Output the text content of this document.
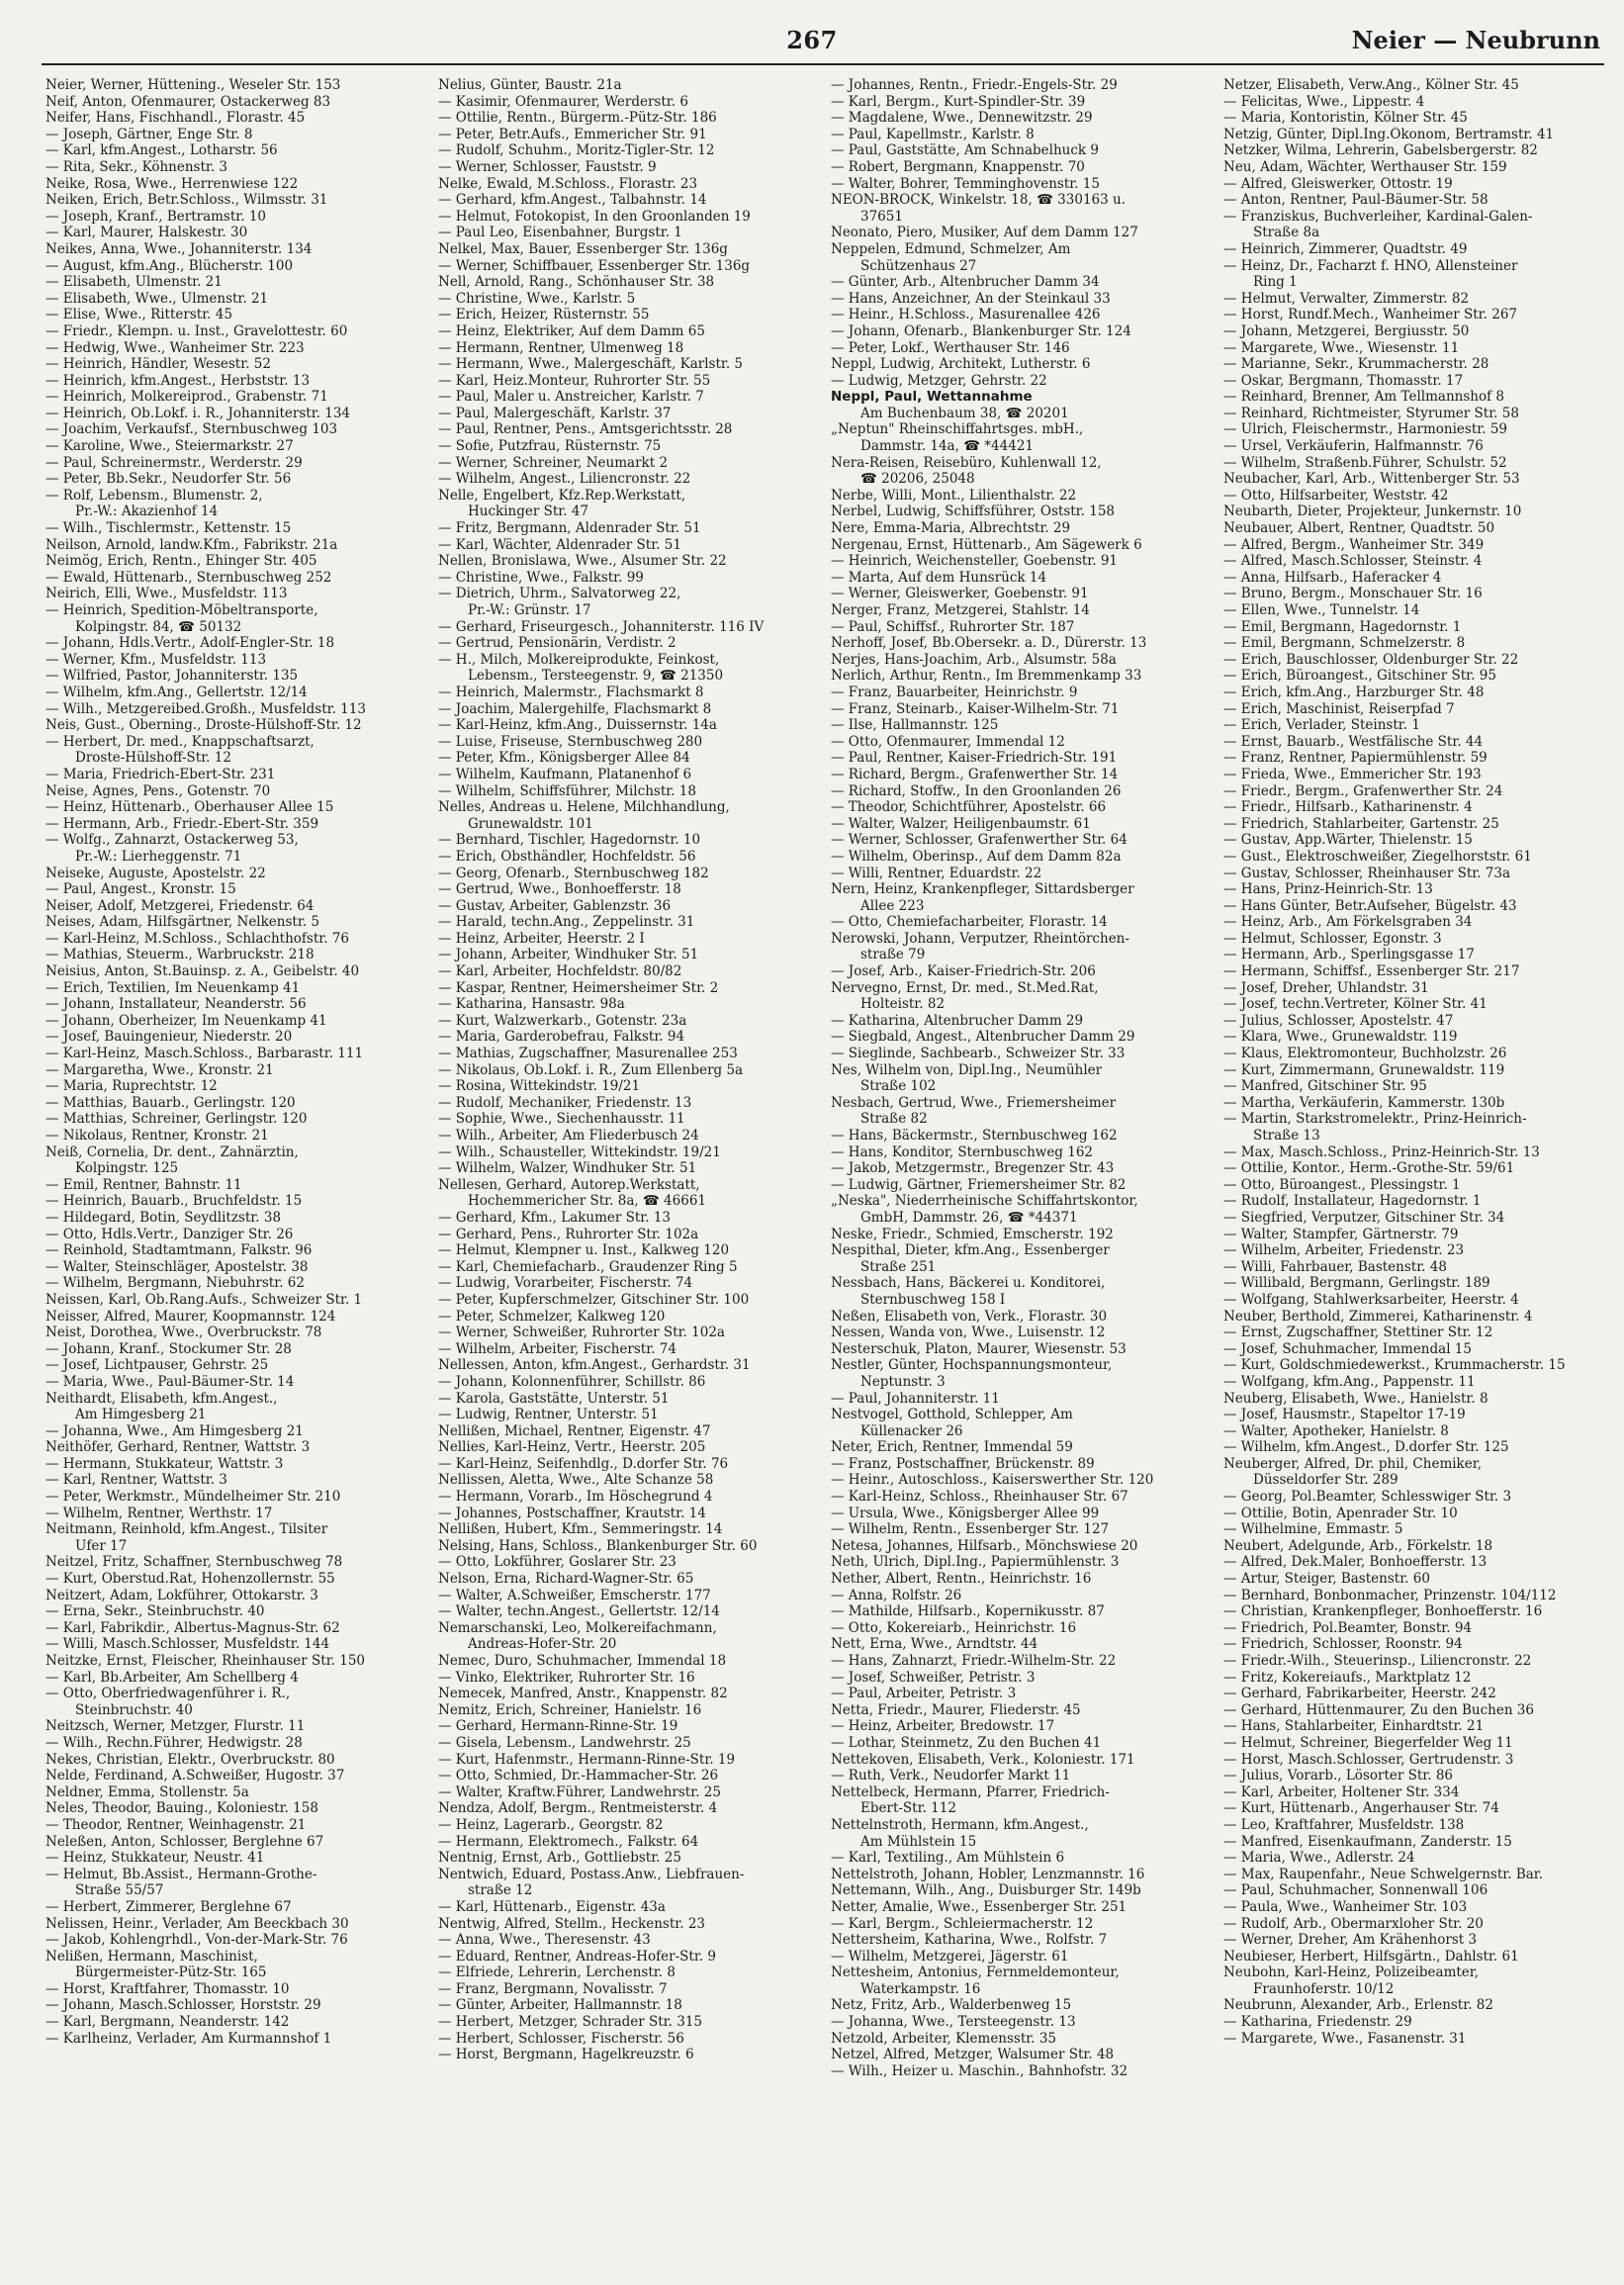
267	Neier — Neubrunn
Neier, Werner, Hüttening., Weseler Str. 153
Neif, Anton, Ofenmaurer, Ostackerweg 83
Neifer, Hans, Fischhandl., Florastr. 45
— Joseph, Gärtner, Enge Str. 8
— Karl, kfm.Angest., Lotharstr. 56
— Rita, Sekr., Köhnenstr. 3
Neike, Rosa, Wwe., Herrenwiese 122
Neiken, Erich, Betr.Schloss., Wilmsstr. 31
— Joseph, Kranf., Bertramstr. 10
— Karl, Maurer, Halskestr. 30
Neikes, Anna, Wwe., Johanniterstr. 134
— August, kfm.Ang., Blücherstr. 100
— Elisabeth, Ulmenstr. 21
— Elisabeth, Wwe., Ulmenstr. 21
— Elise, Wwe., Ritterstr. 45
— Friedr., Klempn. u. Inst., Gravelottestr. 60
— Hedwig, Wwe., Wanheimer Str. 223
— Heinrich, Händler, Wesestr. 52
— Heinrich, kfm.Angest., Herbststr. 13
— Heinrich, Molkereiprod., Grabenstr. 71
— Heinrich, Ob.Lokf. i. R., Johanniterstr. 134
— Joachim, Verkaufsf., Sternbuschweg 103
— Karoline, Wwe., Steiermarkstr. 27
— Paul, Schreinermstr., Werderstr. 29
— Peter, Bb.Sekr., Neudorfer Str. 56
— Rolf, Lebensm., Blumenstr. 2,
Pr.-W.: Akazienhof 14
— Wilh., Tischlermstr., Kettenstr. 15
Neilson, Arnold, landw.Kfm., Fabrikstr. 21a
Neimög, Erich, Rentn., Ehinger Str. 405
— Ewald, Hüttenarb., Sternbuschweg 252
Neirich, Elli, Wwe., Musfeldstr. 113
— Heinrich, Spedition-Möbeltransporte,
Kolpingstr. 84, ☎ 50132
— Johann, Hdls.Vertr., Adolf-Engler-Str. 18
— Werner, Kfm., Musfeldstr. 113
— Wilfried, Pastor, Johanniterstr. 135
— Wilhelm, kfm.Ang., Gellertstr. 12/14
— Wilh., Metzgereibed.Großh., Musfeldstr. 113
Neis, Gust., Oberning., Droste-Hülshoff-Str. 12
— Herbert, Dr. med., Knappschaftsarzt,
Droste-Hülshoff-Str. 12
— Maria, Friedrich-Ebert-Str. 231
Neise, Agnes, Pens., Gotenstr. 70
— Heinz, Hüttenarb., Oberhauser Allee 15
— Hermann, Arb., Friedr.-Ebert-Str. 359
— Wolfg., Zahnarzt, Ostackerweg 53,
Pr.-W.: Lierheggenstr. 71
Neiseke, Auguste, Apostelstr. 22
— Paul, Angest., Kronstr. 15
Neiser, Adolf, Metzgerei, Friedenstr. 64
Neises, Adam, Hilfsgärtner, Nelkenstr. 5
— Karl-Heinz, M.Schloss., Schlachthofstr. 76
— Mathias, Steuerm., Warbruckstr. 218
Neisius, Anton, St.Bauinsp. z. A., Geibelstr. 40
— Erich, Textilien, Im Neuenkamp 41
— Johann, Installateur, Neanderstr. 56
— Johann, Oberheizer, Im Neuenkamp 41
— Josef, Bauingenieur, Niederstr. 20
— Karl-Heinz, Masch.Schloss., Barbarastr. 111
— Margaretha, Wwe., Kronstr. 21
— Maria, Ruprechtstr. 12
— Matthias, Bauarb., Gerlingstr. 120
— Matthias, Schreiner, Gerlingstr. 120
— Nikolaus, Rentner, Kronstr. 21
Neiß, Cornelia, Dr. dent., Zahnärztin,
Kolpingstr. 125
— Emil, Rentner, Bahnstr. 11
— Heinrich, Bauarb., Bruchfeldstr. 15
— Hildegard, Botin, Seydlitzstr. 38
— Otto, Hdls.Vertr., Danziger Str. 26
— Reinhold, Stadtamtmann, Falkstr. 96
— Walter, Steinschläger, Apostelstr. 38
— Wilhelm, Bergmann, Niebuhrstr. 62
Neissen, Karl, Ob.Rang.Aufs., Schweizer Str. 1
Neisser, Alfred, Maurer, Koopmannstr. 124
Neist, Dorothea, Wwe., Overbruckstr. 78
— Johann, Kranf., Stockumer Str. 28
— Josef, Lichtpauser, Gehrstr. 25
— Maria, Wwe., Paul-Bäumer-Str. 14
Neithardt, Elisabeth, kfm.Angest.,
Am Himgesberg 21
— Johanna, Wwe., Am Himgesberg 21
Neithöfer, Gerhard, Rentner, Wattstr. 3
— Hermann, Stukkateur, Wattstr. 3
— Karl, Rentner, Wattstr. 3
— Peter, Werkmstr., Mündelheimer Str. 210
— Wilhelm, Rentner, Werthstr. 17
Neitmann, Reinhold, kfm.Angest., Tilsiter
Ufer 17
Neitzel, Fritz, Schaffner, Sternbuschweg 78
— Kurt, Oberstud.Rat, Hohenzollernstr. 55
Neitzert, Adam, Lokführer, Ottokarstr. 3
— Erna, Sekr., Steinbruchstr. 40
— Karl, Fabrikdir., Albertus-Magnus-Str. 62
— Willi, Masch.Schlosser, Musfeldstr. 144
Neitzke, Ernst, Fleischer, Rheinhauser Str. 150
— Karl, Bb.Arbeiter, Am Schellberg 4
— Otto, Oberfriedwagenführer i. R.,
Steinbruchstr. 40
Neitzsch, Werner, Metzger, Flurstr. 11
— Wilh., Rechn.Führer, Hedwigstr. 28
Nekes, Christian, Elektr., Overbruckstr. 80
Nelde, Ferdinand, A.Schweißer, Hugostr. 37
Neldner, Emma, Stollenstr. 5a
Neles, Theodor, Bauing., Koloniestr. 158
— Theodor, Rentner, Weinhagenstr. 21
Neleßen, Anton, Schlosser, Berglehne 67
— Heinz, Stukkateur, Neustr. 41
— Helmut, Bb.Assist., Hermann-Grothe-
Straße 55/57
— Herbert, Zimmerer, Berglehne 67
Nelissen, Heinr., Verlader, Am Beeckbach 30
— Jakob, Kohlengrhdl., Von-der-Mark-Str. 76
Nelißen, Hermann, Maschinist,
Bürgermeister-Pütz-Str. 165
— Horst, Kraftfahrer, Thomasstr. 10
— Johann, Masch.Schlosser, Horststr. 29
— Karl, Bergmann, Neanderstr. 142
— Karlheinz, Verlader, Am Kurmannshof 1
Nelius, Günter, Baustr. 21a
— Kasimir, Ofenmaurer, Werderstr. 6
— Ottilie, Rentn., Bürgerm.-Pütz-Str. 186
— Peter, Betr.Aufs., Emmericher Str. 91
— Rudolf, Schuhm., Moritz-Tigler-Str. 12
— Werner, Schlosser, Fauststr. 9
Nelke, Ewald, M.Schloss., Florastr. 23
— Gerhard, kfm.Angest., Talbahnstr. 14
— Helmut, Fotokopist, In den Groonlanden 19
— Paul Leo, Eisenbahner, Burgstr. 1
Nelkel, Max, Bauer, Essenberger Str. 136g
— Werner, Schiffbauer, Essenberger Str. 136g
Nell, Arnold, Rang., Schönhauser Str. 38
— Christine, Wwe., Karlstr. 5
— Erich, Heizer, Rüsternstr. 55
— Heinz, Elektriker, Auf dem Damm 65
— Hermann, Rentner, Ulmenweg 18
— Hermann, Wwe., Malergeschäft, Karlstr. 5
— Karl, Heiz.Monteur, Ruhrorter Str. 55
— Paul, Maler u. Anstreicher, Karlstr. 7
— Paul, Malergeschäft, Karlstr. 37
— Paul, Rentner, Pens., Amtsgerichtsstr. 28
— Sofie, Putzfrau, Rüsternstr. 75
— Werner, Schreiner, Neumarkt 2
— Wilhelm, Angest., Liliencronstr. 22
Nelle, Engelbert, Kfz.Rep.Werkstatt,
Huckinger Str. 47
— Fritz, Bergmann, Aldenrader Str. 51
— Karl, Wächter, Aldenrader Str. 51
Nellen, Bronislawa, Wwe., Alsumer Str. 22
— Christine, Wwe., Falkstr. 99
— Dietrich, Uhrm., Salvatorweg 22,
Pr.-W.: Grünstr. 17
— Gerhard, Friseurgesch., Johanniterstr. 116 IV
— Gertrud, Pensionärin, Verdistr. 2
— H., Milch, Molkereiprodukte, Feinkost,
Lebensm., Tersteegenstr. 9, ☎ 21350
— Heinrich, Malermstr., Flachsmarkt 8
— Joachim, Malergehilfe, Flachsmarkt 8
— Karl-Heinz, kfm.Ang., Duissernstr. 14a
— Luise, Friseuse, Sternbuschweg 280
— Peter, Kfm., Königsberger Allee 84
— Wilhelm, Kaufmann, Platanenhof 6
— Wilhelm, Schiffsführer, Milchstr. 18
Nelles, Andreas u. Helene, Milchhandlung,
Grunewaldstr. 101
— Bernhard, Tischler, Hagedornstr. 10
— Erich, Obsthändler, Hochfeldstr. 56
— Georg, Ofenarb., Sternbuschweg 182
— Gertrud, Wwe., Bonhoefferstr. 18
— Gustav, Arbeiter, Gablenzstr. 36
— Harald, techn.Ang., Zeppelinstr. 31
— Heinz, Arbeiter, Heerstr. 2 I
— Johann, Arbeiter, Windhuker Str. 51
— Karl, Arbeiter, Hochfeldstr. 80/82
— Kaspar, Rentner, Heimersheimer Str. 2
— Katharina, Hansastr. 98a
— Kurt, Walzwerkarb., Gotenstr. 23a
— Maria, Garderobefrau, Falkstr. 94
— Mathias, Zugschaffner, Masurenallee 253
— Nikolaus, Ob.Lokf. i. R., Zum Ellenberg 5a
— Rosina, Wittekindstr. 19/21
— Rudolf, Mechaniker, Friedenstr. 13
— Sophie, Wwe., Siechenhausstr. 11
— Wilh., Arbeiter, Am Fliederbusch 24
— Wilh., Schausteller, Wittekindstr. 19/21
— Wilhelm, Walzer, Windhuker Str. 51
Nellesen, Gerhard, Autorep.Werkstatt,
Hochemmericher Str. 8a, ☎ 46661
— Gerhard, Kfm., Lakumer Str. 13
— Gerhard, Pens., Ruhrorter Str. 102a
— Helmut, Klempner u. Inst., Kalkweg 120
— Karl, Chemiefacharb., Graudenzer Ring 5
— Ludwig, Vorarbeiter, Fischerstr. 74
— Peter, Kupferschmelzer, Gitschiner Str. 100
— Peter, Schmelzer, Kalkweg 120
— Werner, Schweißer, Ruhrorter Str. 102a
— Wilhelm, Arbeiter, Fischerstr. 74
Nellessen, Anton, kfm.Angest., Gerhardstr. 31
— Johann, Kolonnenführer, Schillstr. 86
— Karola, Gaststätte, Unterstr. 51
— Ludwig, Rentner, Unterstr. 51
Nellißen, Michael, Rentner, Eigenstr. 47
Nellies, Karl-Heinz, Vertr., Heerstr. 205
— Karl-Heinz, Seifenhdlg., D.dorfer Str. 76
Nellissen, Aletta, Wwe., Alte Schanze 58
— Hermann, Vorarb., Im Höschegrund 4
— Johannes, Postschaffner, Krautstr. 14
Nellißen, Hubert, Kfm., Semmeringstr. 14
Nelsing, Hans, Schloss., Blankenburger Str. 60
— Otto, Lokführer, Goslarer Str. 23
Nelson, Erna, Richard-Wagner-Str. 65
— Walter, A.Schweißer, Emscherstr. 177
— Walter, techn.Angest., Gellertstr. 12/14
Nemarschanski, Leo, Molkereifachmann,
Andreas-Hofer-Str. 20
Nemec, Duro, Schuhmacher, Immendal 18
— Vinko, Elektriker, Ruhrorter Str. 16
Nemecek, Manfred, Anstr., Knappenstr. 82
Nemitz, Erich, Schreiner, Hanielstr. 16
— Gerhard, Hermann-Rinne-Str. 19
— Gisela, Lebensm., Landwehrstr. 25
— Kurt, Hafenmstr., Hermann-Rinne-Str. 19
— Otto, Schmied, Dr.-Hammacher-Str. 26
— Walter, Kraftw.Führer, Landwehrstr. 25
Nendza, Adolf, Bergm., Rentmeisterstr. 4
— Heinz, Lagerarb., Georgstr. 82
— Hermann, Elektromech., Falkstr. 64
Nentnig, Ernst, Arb., Gottliebstr. 25
Nentwich, Eduard, Postass.Anw., Liebfrauen-
straße 12
— Karl, Hüttenarb., Eigenstr. 43a
Nentwig, Alfred, Stellm., Heckenstr. 23
— Anna, Wwe., Theresenstr. 43
— Eduard, Rentner, Andreas-Hofer-Str. 9
— Elfriede, Lehrerin, Lerchenstr. 8
— Franz, Bergmann, Novalisstr. 7
— Günter, Arbeiter, Hallmannstr. 18
— Herbert, Metzger, Schrader Str. 315
— Herbert, Schlosser, Fischerstr. 56
— Horst, Bergmann, Hagelkreuzstr. 6
— Johannes, Rentn., Friedr.-Engels-Str. 29
— Karl, Bergm., Kurt-Spindler-Str. 39
— Magdalene, Wwe., Dennewitzstr. 29
— Paul, Kapellmstr., Karlstr. 8
— Paul, Gaststätte, Am Schnabelhuck 9
— Robert, Bergmann, Knappenstr. 70
— Walter, Bohrer, Temminghovenstr. 15
NEON-BROCK, Winkelstr. 18, ☎ 330163 u.
37651
Neonato, Piero, Musiker, Auf dem Damm 127
Neppelen, Edmund, Schmelzer, Am
Schützenhaus 27
— Günter, Arb., Altenbrucher Damm 34
— Hans, Anzeichner, An der Steinkaul 33
— Heinr., H.Schloss., Masurenallee 426
— Johann, Ofenarb., Blankenburger Str. 124
— Peter, Lokf., Werthauser Str. 146
Neppl, Ludwig, Architekt, Lutherstr. 6
— Ludwig, Metzger, Gehrstr. 22
Neppl, Paul, Wettannahme
Am Buchenbaum 38, ☎ 20201
„Neptun" Rheinschiffahrtsges. mbH.,
Dammstr. 14a, ☎ *44421
Nera-Reisen, Reisebüro, Kuhlenwall 12,
☎ 20206, 25048
Nerbe, Willi, Mont., Lilienthalstr. 22
Nerbel, Ludwig, Schiffsführer, Oststr. 158
Nere, Emma-Maria, Albrechtstr. 29
Nergenau, Ernst, Hüttenarb., Am Sägewerk 6
— Heinrich, Weichensteller, Goebenstr. 91
— Marta, Auf dem Hunsrück 14
— Werner, Gleiswerker, Goebenstr. 91
Nerger, Franz, Metzgerei, Stahlstr. 14
— Paul, Schiffsf., Ruhrorter Str. 187
Nerhoff, Josef, Bb.Obersekr. a. D., Dürerstr. 13
Nerjes, Hans-Joachim, Arb., Alsumstr. 58a
Nerlich, Arthur, Rentn., Im Bremmenkamp 33
— Franz, Bauarbeiter, Heinrichstr. 9
— Franz, Steinarb., Kaiser-Wilhelm-Str. 71
— Ilse, Hallmannstr. 125
— Otto, Ofenmaurer, Immendal 12
— Paul, Rentner, Kaiser-Friedrich-Str. 191
— Richard, Bergm., Grafenwerther Str. 14
— Richard, Stoffw., In den Groonlanden 26
— Theodor, Schichtführer, Apostelstr. 66
— Walter, Walzer, Heiligenbaumstr. 61
— Werner, Schlosser, Grafenwerther Str. 64
— Wilhelm, Oberinsp., Auf dem Damm 82a
— Willi, Rentner, Eduardstr. 22
Nern, Heinz, Krankenpfleger, Sittardsberger
Allee 223
— Otto, Chemiefacharbeiter, Florastr. 14
Nerowski, Johann, Verputzer, Rheintörchen-
straße 79
— Josef, Arb., Kaiser-Friedrich-Str. 206
Nervegno, Ernst, Dr. med., St.Med.Rat,
Holteistr. 82
— Katharina, Altenbrucher Damm 29
— Siegbald, Angest., Altenbrucher Damm 29
— Sieglinde, Sachbearb., Schweizer Str. 33
Nes, Wilhelm von, Dipl.Ing., Neumühler
Straße 102
Nesbach, Gertrud, Wwe., Friemersheimer
Straße 82
— Hans, Bäckermstr., Sternbuschweg 162
— Hans, Konditor, Sternbuschweg 162
— Jakob, Metzgermstr., Bregenzer Str. 43
— Ludwig, Gärtner, Friemersheimer Str. 82
„Neska", Niederrheinische Schiffahrtskontor,
GmbH, Dammstr. 26, ☎ *44371
Neske, Friedr., Schmied, Emscherstr. 192
Nespithal, Dieter, kfm.Ang., Essenberger
Straße 251
Nessbach, Hans, Bäckerei u. Konditorei,
Sternbuschweg 158 I
Neßen, Elisabeth von, Verk., Florastr. 30
Nessen, Wanda von, Wwe., Luisenstr. 12
Nesterschuk, Platon, Maurer, Wiesenstr. 53
Nestler, Günter, Hochspannungsmonteur,
Neptunstr. 3
— Paul, Johanniterstr. 11
Nestvogel, Gotthold, Schlepper, Am
Küllenacker 26
Neter, Erich, Rentner, Immendal 59
— Franz, Postschaffner, Brückenstr. 89
— Heinr., Autoschloss., Kaiserswerther Str. 120
— Karl-Heinz, Schloss., Rheinhauser Str. 67
— Ursula, Wwe., Königsberger Allee 99
— Wilhelm, Rentn., Essenberger Str. 127
Netesa, Johannes, Hilfsarb., Mönchswiese 20
Neth, Ulrich, Dipl.Ing., Papiermühlenstr. 3
Nether, Albert, Rentn., Heinrichstr. 16
— Anna, Rolfstr. 26
— Mathilde, Hilfsarb., Kopernikusstr. 87
— Otto, Kokereiarb., Heinrichstr. 16
Nett, Erna, Wwe., Arndtstr. 44
— Hans, Zahnarzt, Friedr.-Wilhelm-Str. 22
— Josef, Schweißer, Petristr. 3
— Paul, Arbeiter, Petristr. 3
Netta, Friedr., Maurer, Fliederstr. 45
— Heinz, Arbeiter, Bredowstr. 17
— Lothar, Steinmetz, Zu den Buchen 41
Nettekoven, Elisabeth, Verk., Koloniestr. 171
— Ruth, Verk., Neudorfer Markt 11
Nettelbeck, Hermann, Pfarrer, Friedrich-
Ebert-Str. 112
Nettelnstroth, Hermann, kfm.Angest.,
Am Mühlstein 15
— Karl, Textiling., Am Mühlstein 6
Nettelstroth, Johann, Hobler, Lenzmannstr. 16
Nettemann, Wilh., Ang., Duisburger Str. 149b
Netter, Amalie, Wwe., Essenberger Str. 251
— Karl, Bergm., Schleiermacherstr. 12
Nettersheim, Katharina, Wwe., Rolfstr. 7
— Wilhelm, Metzgerei, Jägerstr. 61
Nettesheim, Antonius, Fernmeldemonteur,
Waterkampstr. 16
Netz, Fritz, Arb., Walderbenweg 15
— Johanna, Wwe., Tersteegenstr. 13
Netzold, Arbeiter, Klemensstr. 35
Netzel, Alfred, Metzger, Walsumer Str. 48
— Wilh., Heizer u. Maschin., Bahnhofstr. 32
Netzer, Elisabeth, Verw.Ang., Kölner Str. 45
— Felicitas, Wwe., Lippestr. 4
— Maria, Kontoristin, Kölner Str. 45
Netzig, Günter, Dipl.Ing.Ökonom, Bertramstr. 41
Netzker, Wilma, Lehrerin, Gabelsbergerstr. 82
Neu, Adam, Wächter, Werthauser Str. 159
— Alfred, Gleiswerker, Ottostr. 19
— Anton, Rentner, Paul-Bäumer-Str. 58
— Franziskus, Buchverleiher, Kardinal-Galen-
Straße 8a
— Heinrich, Zimmerer, Quadtstr. 49
— Heinz, Dr., Facharzt f. HNO, Allensteiner
Ring 1
— Helmut, Verwalter, Zimmerstr. 82
— Horst, Rundf.Mech., Wanheimer Str. 267
— Johann, Metzgerei, Bergiusstr. 50
— Margarete, Wwe., Wiesenstr. 11
— Marianne, Sekr., Krummacherstr. 28
— Oskar, Bergmann, Thomasstr. 17
— Reinhard, Brenner, Am Tellmannshof 8
— Reinhard, Richtmeister, Styrumer Str. 58
— Ulrich, Fleischermstr., Harmoniestr. 59
— Ursel, Verkäuferin, Halfmannstr. 76
— Wilhelm, Straßenb.Führer, Schulstr. 52
Neubacher, Karl, Arb., Wittenberger Str. 53
— Otto, Hilfsarbeiter, Weststr. 42
Neubarth, Dieter, Projekteur, Junkernstr. 10
Neubauer, Albert, Rentner, Quadtstr. 50
— Alfred, Bergm., Wanheimer Str. 349
— Alfred, Masch.Schlosser, Steinstr. 4
— Anna, Hilfsarb., Haferacker 4
— Bruno, Bergm., Monschauer Str. 16
— Ellen, Wwe., Tunnelstr. 14
— Emil, Bergmann, Hagedornstr. 1
— Emil, Bergmann, Schmelzerstr. 8
— Erich, Bauschlosser, Oldenburger Str. 22
— Erich, Büroangest., Gitschiner Str. 95
— Erich, kfm.Ang., Harzburger Str. 48
— Erich, Maschinist, Reiserpfad 7
— Erich, Verlader, Steinstr. 1
— Ernst, Bauarb., Westfälische Str. 44
— Franz, Rentner, Papiermühlenstr. 59
— Frieda, Wwe., Emmericher Str. 193
— Friedr., Bergm., Grafenwerther Str. 24
— Friedr., Hilfsarb., Katharinenstr. 4
— Friedrich, Stahlarbeiter, Gartenstr. 25
— Gustav, App.Wärter, Thielenstr. 15
— Gust., Elektroschweißer, Ziegelhorststr. 61
— Gustav, Schlosser, Rheinhauser Str. 73a
— Hans, Prinz-Heinrich-Str. 13
— Hans Günter, Betr.Aufseher, Bügelstr. 43
— Heinz, Arb., Am Förkelsgraben 34
— Helmut, Schlosser, Egonstr. 3
— Hermann, Arb., Sperlingsgasse 17
— Hermann, Schiffsf., Essenberger Str. 217
— Josef, Dreher, Uhlandstr. 31
— Josef, techn.Vertreter, Kölner Str. 41
— Julius, Schlosser, Apostelstr. 47
— Klara, Wwe., Grunewaldstr. 119
— Klaus, Elektromonteur, Buchholzstr. 26
— Kurt, Zimmermann, Grunewaldstr. 119
— Manfred, Gitschiner Str. 95
— Martha, Verkäuferin, Kammerstr. 130b
— Martin, Starkstromelektr., Prinz-Heinrich-
Straße 13
— Max, Masch.Schloss., Prinz-Heinrich-Str. 13
— Ottilie, Kontor., Herm.-Grothe-Str. 59/61
— Otto, Büroangest., Plessingstr. 1
— Rudolf, Installateur, Hagedornstr. 1
— Siegfried, Verputzer, Gitschiner Str. 34
— Walter, Stampfer, Gärtnerstr. 79
— Wilhelm, Arbeiter, Friedenstr. 23
— Willi, Fahrbauer, Bastenstr. 48
— Willibald, Bergmann, Gerlingstr. 189
— Wolfgang, Stahlwerksarbeiter, Heerstr. 4
Neuber, Berthold, Zimmerei, Katharinenstr. 4
— Ernst, Zugschaffner, Stettiner Str. 12
— Josef, Schuhmacher, Immendal 15
— Kurt, Goldschmiedewerkst., Krummacherstr. 15
— Wolfgang, kfm.Ang., Pappenstr. 11
Neuberg, Elisabeth, Wwe., Hanielstr. 8
— Josef, Hausmstr., Stapeltor 17-19
— Walter, Apotheker, Hanielstr. 8
— Wilhelm, kfm.Angest., D.dorfer Str. 125
Neuberger, Alfred, Dr. phil, Chemiker,
Düsseldorfer Str. 289
— Georg, Pol.Beamter, Schlesswiger Str. 3
— Ottilie, Botin, Apenrader Str. 10
— Wilhelmine, Emmastr. 5
Neubert, Adelgunde, Arb., Förkelstr. 18
— Alfred, Dek.Maler, Bonhoefferstr. 13
— Artur, Steiger, Bastenstr. 60
— Bernhard, Bonbonmacher, Prinzenstr. 104/112
— Christian, Krankenpfleger, Bonhoefferstr. 16
— Friedrich, Pol.Beamter, Bonstr. 94
— Friedrich, Schlosser, Roonstr. 94
— Friedr.-Wilh., Steuerinsp., Liliencronstr. 22
— Fritz, Kokereiaufs., Marktplatz 12
— Gerhard, Fabrikarbeiter, Heerstr. 242
— Gerhard, Hüttenmaurer, Zu den Buchen 36
— Hans, Stahlarbeiter, Einhardtstr. 21
— Helmut, Schreiner, Biegerfelder Weg 11
— Horst, Masch.Schlosser, Gertrudenstr. 3
— Julius, Vorarb., Lösorter Str. 86
— Karl, Arbeiter, Holtener Str. 334
— Kurt, Hüttenarb., Angerhauser Str. 74
— Leo, Kraftfahrer, Musfeldstr. 138
— Manfred, Eisenkaufmann, Zanderstr. 15
— Maria, Wwe., Adlerstr. 24
— Max, Raupenfahr., Neue Schwelgernstr. Bar.
— Paul, Schuhmacher, Sonnenwall 106
— Paula, Wwe., Wanheimer Str. 103
— Rudolf, Arb., Obermarxloher Str. 20
— Werner, Dreher, Am Krähenhorst 3
Neubieser, Herbert, Hilfsgärtn., Dahlstr. 61
Neubohn, Karl-Heinz, Polizeibeamter,
Fraunhoferstr. 10/12
Neubrunn, Alexander, Arb., Erlenstr. 82
— Katharina, Friedenstr. 29
— Margarete, Wwe., Fasanenstr. 31
